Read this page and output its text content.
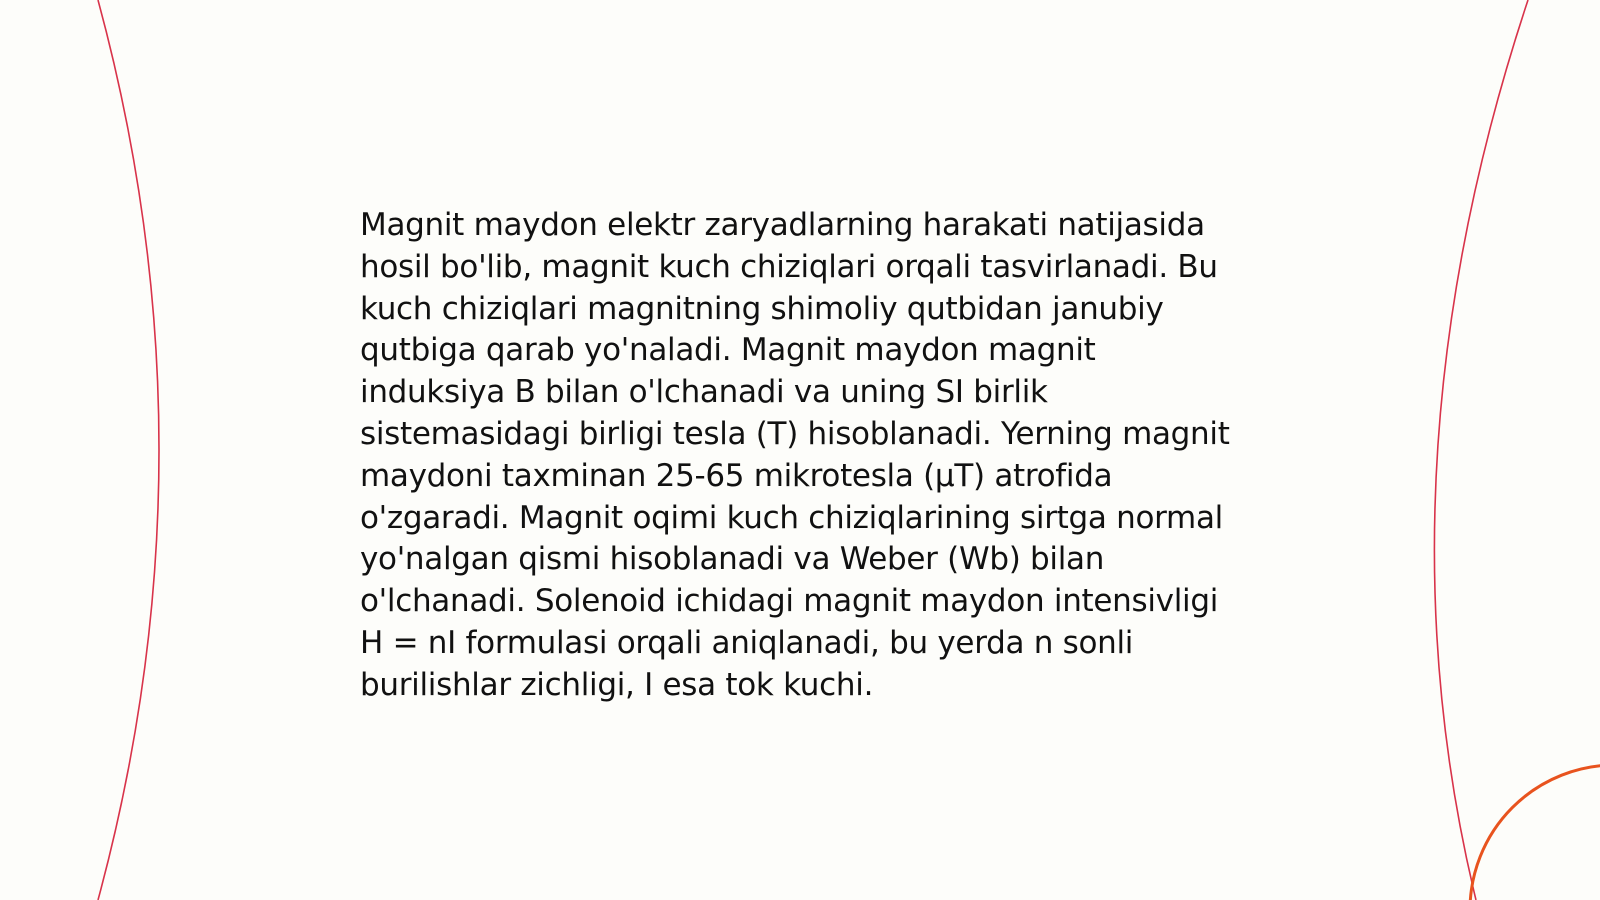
Magnit maydon elektr zaryadlarning harakati natijasida hosil bo'lib, magnit kuch chiziqlari orqali tasvirlanadi. Bu kuch chiziqlari magnitning shimoliy qutbidan janubiy qutbiga qarab yo'naladi. Magnit maydon magnit induksiya B bilan o'lchanadi va uning SI birlik sistemasidagi birligi tesla (T) hisoblanadi. Yerning magnit maydoni taxminan 25-65 mikrotesla (μT) atrofida o'zgaradi. Magnit oqimi kuch chiziqlarining sirtga normal yo'nalgan qismi hisoblanadi va Weber (Wb) bilan o'lchanadi. Solenoid ichidagi magnit maydon intensivligi H = nI formulasi orqali aniqlanadi, bu yerda n sonli burilishlar zichligi, I esa tok kuchi.
